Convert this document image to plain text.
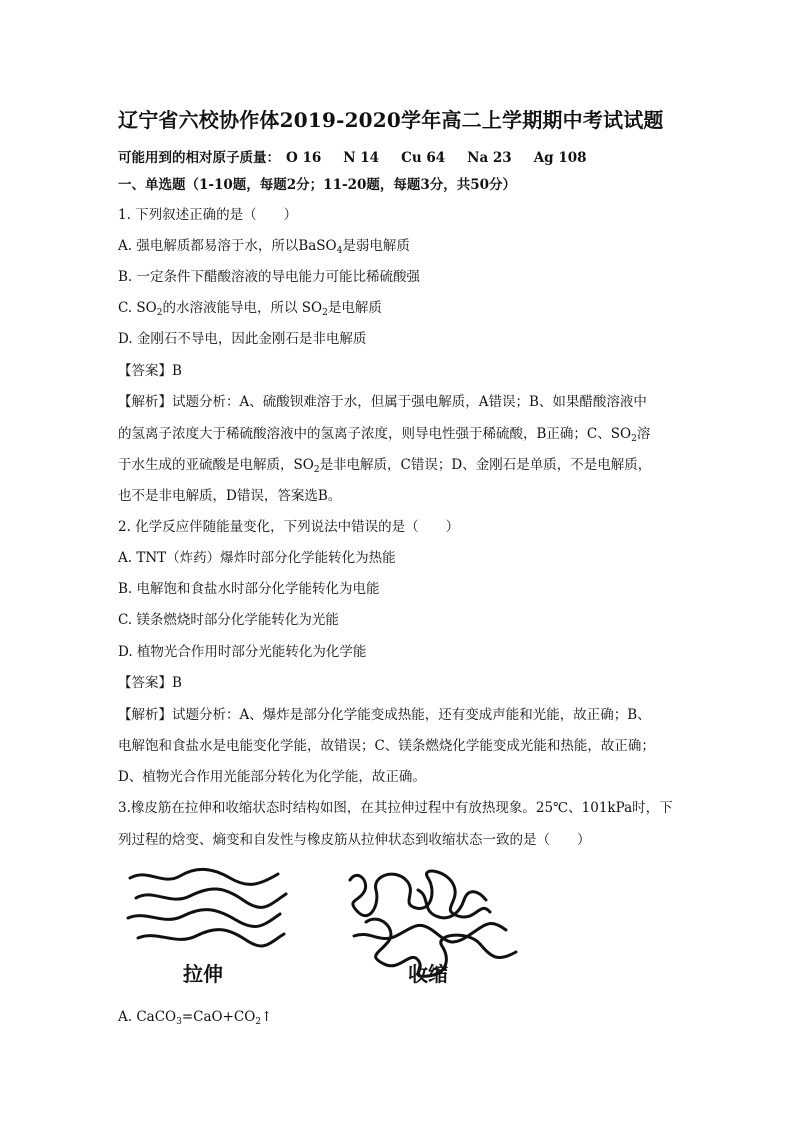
辽宁省六校协作体2019-2020学年高二上学期期中考试试题
可能用到的相对原子质量： O 16 N 14 Cu 64 Na 23 Ag 108
一、单选题（1-10题，每题2分；11-20题，每题3分，共50分）
1. 下列叙述正确的是（　　）
A. 强电解质都易溶于水，所以BaSO$_4$是弱电解质
B. 一定条件下醋酸溶液的导电能力可能比稀硫酸强
C. $SO_2$的水溶液能导电，所以 $SO_2$是电解质
D. 金刚石不导电，因此金刚石是非电解质
【答案】B
【解析】试题分析：A、硫酸钡难溶于水，但属于强电解质，A错误；B、如果醋酸溶液中
的氢离子浓度大于稀硫酸溶液中的氢离子浓度，则导电性强于稀硫酸，B正确；C、$SO_2$溶
于水生成的亚硫酸是电解质，$SO_2$是非电解质，C错误；D、金刚石是单质，不是电解质，
也不是非电解质，D错误，答案选B。
2. 化学反应伴随能量变化，下列说法中错误的是（　　）
A. TNT（炸药）爆炸时部分化学能转化为热能
B. 电解饱和食盐水时部分化学能转化为电能
C. 镁条燃烧时部分化学能转化为光能
D. 植物光合作用时部分光能转化为化学能
【答案】B
【解析】试题分析：A、爆炸是部分化学能变成热能，还有变成声能和光能，故正确；B、
电解饱和食盐水是电能变化学能，故错误；C、镁条燃烧化学能变成光能和热能，故正确；
D、植物光合作用光能部分转化为化学能，故正确。
3.橡皮筋在拉伸和收缩状态时结构如图，在其拉伸过程中有放热现象。25℃、101kPa时，下
列过程的焓变、熵变和自发性与橡皮筋从拉伸状态到收缩状态一致的是（　　）
拉伸	收缩
A. $CaCO_3=CaO+CO_2↑$
